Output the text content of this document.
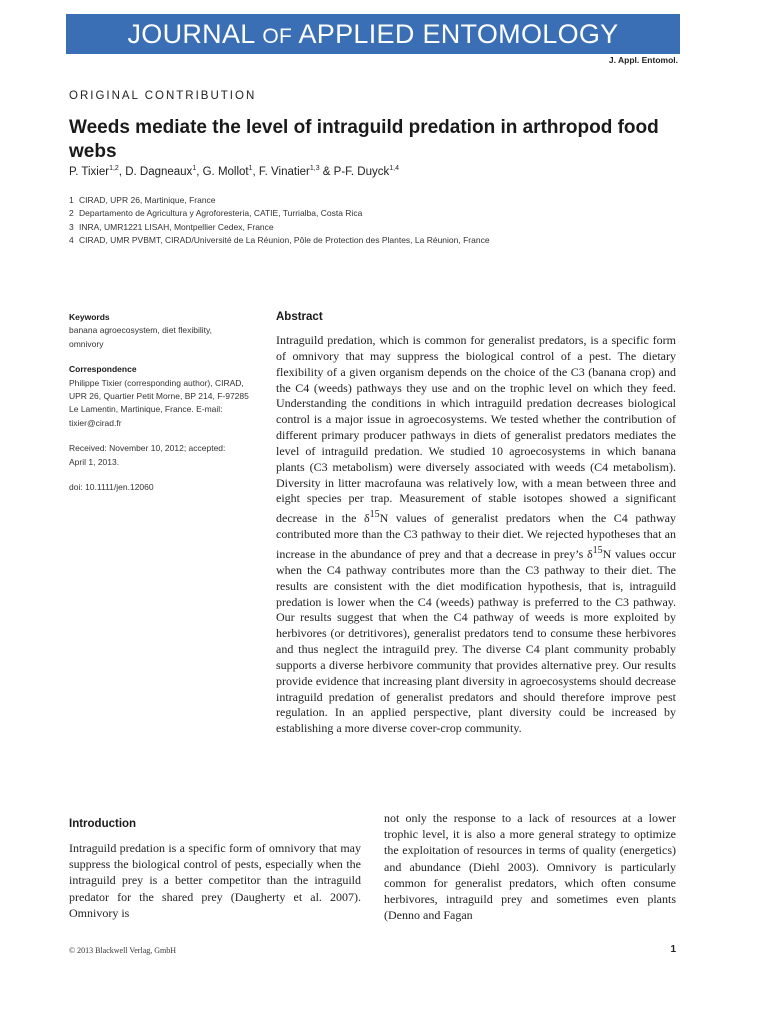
JOURNAL OF APPLIED ENTOMOLOGY
J. Appl. Entomol.
ORIGINAL CONTRIBUTION
Weeds mediate the level of intraguild predation in arthropod food webs
P. Tixier$^{1,2}$, D. Dagneaux$^1$, G. Mollot$^1$, F. Vinatier$^{1,3}$ & P-F. Duyck$^{1,4}$
1 CIRAD, UPR 26, Martinique, France
2 Departamento de Agricultura y Agroforesteria, CATIE, Turrialba, Costa Rica
3 INRA, UMR1221 LISAH, Montpellier Cedex, France
4 CIRAD, UMR PVBMT, CIRAD/Université de La Réunion, Pôle de Protection des Plantes, La Réunion, France
Keywords
banana agroecosystem, diet flexibility,
omnivory
Correspondence
Philippe Tixier (corresponding author), CIRAD,
UPR 26, Quartier Petit Morne, BP 214, F-97285
Le Lamentin, Martinique, France. E-mail:
tixier@cirad.fr
Received: November 10, 2012; accepted:
April 1, 2013.
doi: 10.1111/jen.12060
Abstract

Intraguild predation, which is common for generalist predators, is a specific form of omnivory that may suppress the biological control of a pest. The dietary flexibility of a given organism depends on the choice of the C3 (banana crop) and the C4 (weeds) pathways they use and on the trophic level on which they feed. Understanding the conditions in which intraguild predation decreases biological control is a major issue in agroecosystems. We tested whether the contribution of different primary producer pathways in diets of generalist predators mediates the level of intraguild predation. We studied 10 agroecosystems in which banana plants (C3 metabolism) were diversely associated with weeds (C4 metabolism). Diversity in litter macrofauna was relatively low, with a mean between three and eight species per trap. Measurement of stable isotopes showed a significant decrease in the $\delta^{15}N$ values of generalist predators when the C4 pathway contributed more than the C3 pathway to their diet. We rejected hypotheses that an increase in the abundance of prey and that a decrease in prey’s $\delta^{15}N$ values occur when the C4 pathway contributes more than the C3 pathway to their diet. The results are consistent with the diet modification hypothesis, that is, intraguild predation is lower when the C4 (weeds) pathway is preferred to the C3 pathway. Our results suggest that when the C4 pathway of weeds is more exploited by herbivores (or detritivores), generalist predators tend to consume these herbivores and thus neglect the intraguild prey. The diverse C4 plant community probably supports a diverse herbivore community that provides alternative prey. Our results provide evidence that increasing plant diversity in agroecosystems should decrease intraguild predation of generalist predators and should therefore improve pest regulation. In an applied perspective, plant diversity could be increased by establishing a more diverse cover-crop community.

Introduction

Intraguild predation is a specific form of omnivory that may suppress the biological control of pests, especially when the intraguild prey is a better competitor than the intraguild predator for the shared prey (Daugherty et al. 2007). Omnivory is

not only the response to a lack of resources at a lower trophic level, it is also a more general strategy to optimize the exploitation of resources in terms of quality (energetics) and abundance (Diehl 2003). Omnivory is particularly common for generalist predators, which often consume herbivores, intraguild prey and sometimes even plants (Denno and Fagan

© 2013 Blackwell Verlag, GmbH	1
